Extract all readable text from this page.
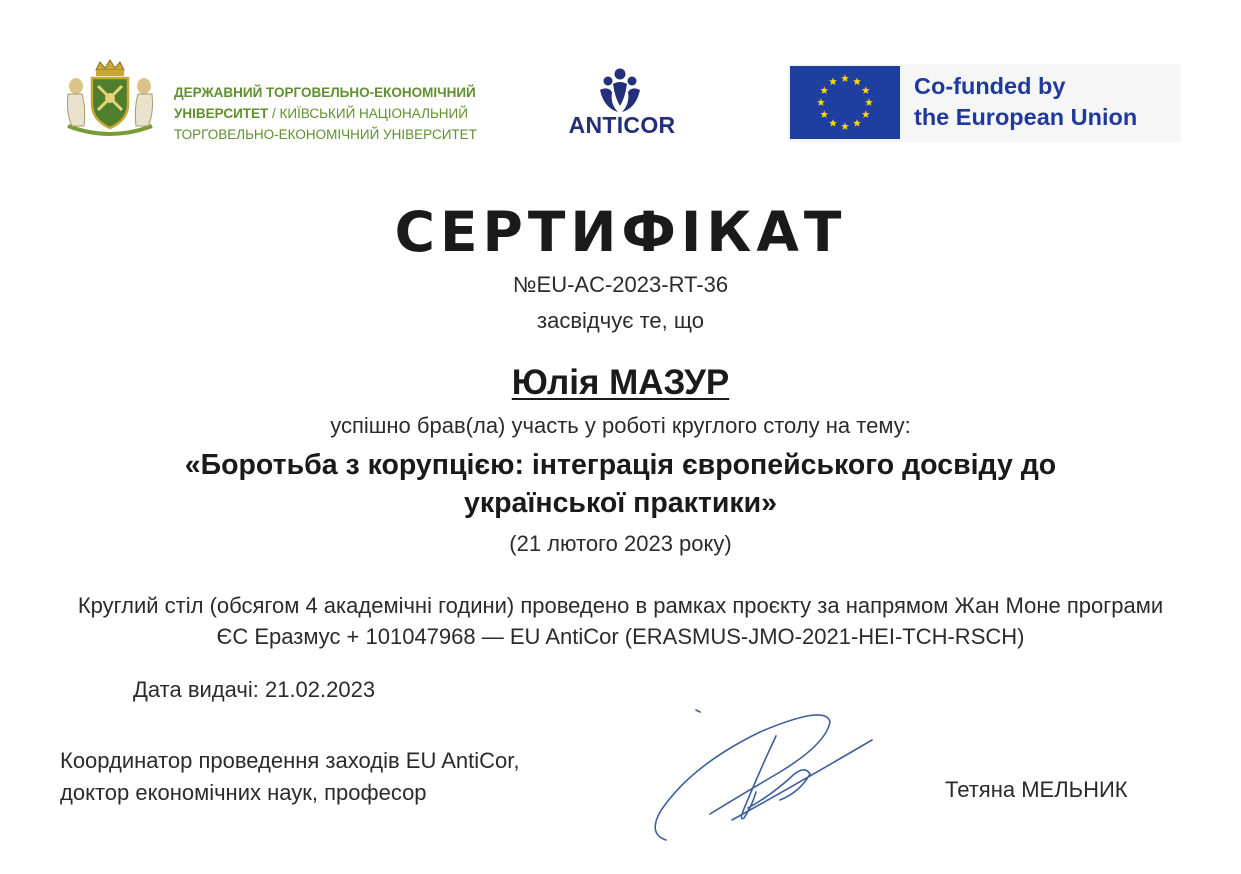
ДЕРЖАВНИЙ ТОРГОВЕЛЬНО-ЕКОНОМІЧНИЙ
УНІВЕРСИТЕТ / КИЇВСЬКИЙ НАЦІОНАЛЬНИЙ
ТОРГОВЕЛЬНО-ЕКОНОМІЧНИЙ УНІВЕРСИТЕТ	ANTICOR
Co-funded by
the European Union
СЕРТИФІКАТ
№EU-AC-2023-RT-36
засвідчує те, що
Юлія МАЗУР
успішно брав(ла) участь у роботі круглого столу на тему:
«Боротьба з корупцією: інтеграція європейського досвіду до української практики»
(21 лютого 2023 року)
Круглий стіл (обсягом 4 академічні години) проведено в рамках проєкту за напрямом Жан Моне програми ЄС Еразмус + 101047968 — EU AntiCor (ERASMUS-JMO-2021-HEI-TCH-RSCH)
Дата видачі: 21.02.2023
Координатор проведення заходів EU AntiCor,
доктор економічних наук, професор	Тетяна МЕЛЬНИК
